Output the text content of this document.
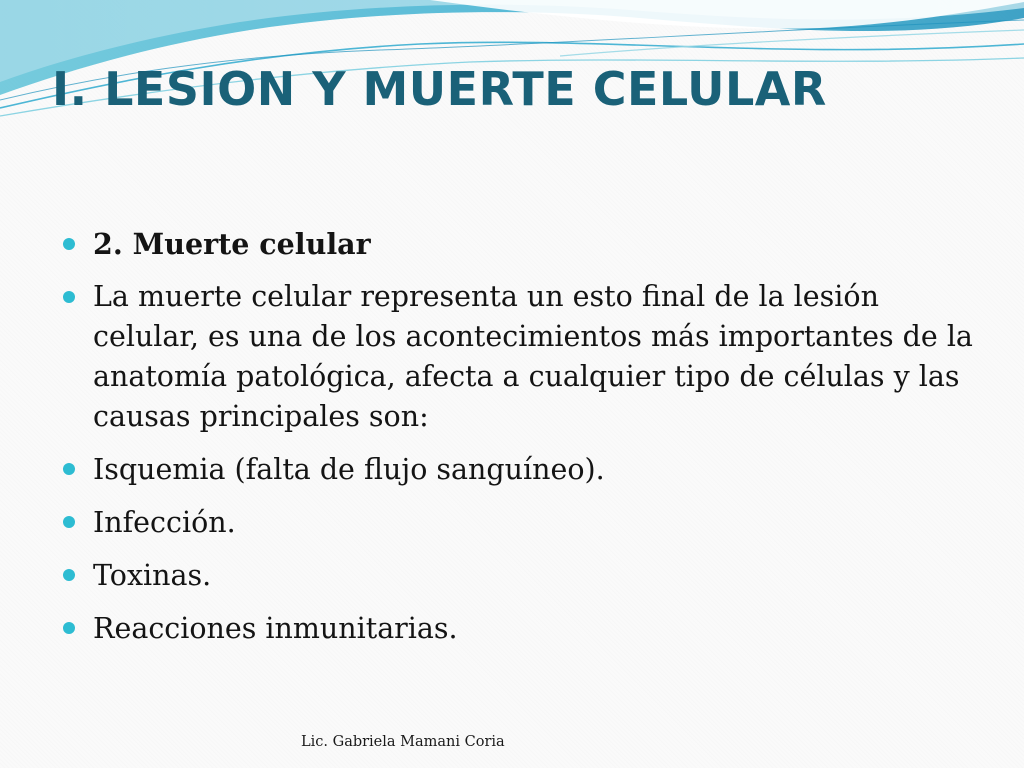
I. LESION Y MUERTE CELULAR
2. Muerte celular
La muerte celular representa un esto final de la lesión celular, es una de los acontecimientos más importantes de la anatomía patológica, afecta a cualquier tipo de células y las causas principales son:
Isquemia (falta de flujo sanguíneo).
Infección.
Toxinas.
Reacciones inmunitarias.
Lic. Gabriela Mamani Coria
